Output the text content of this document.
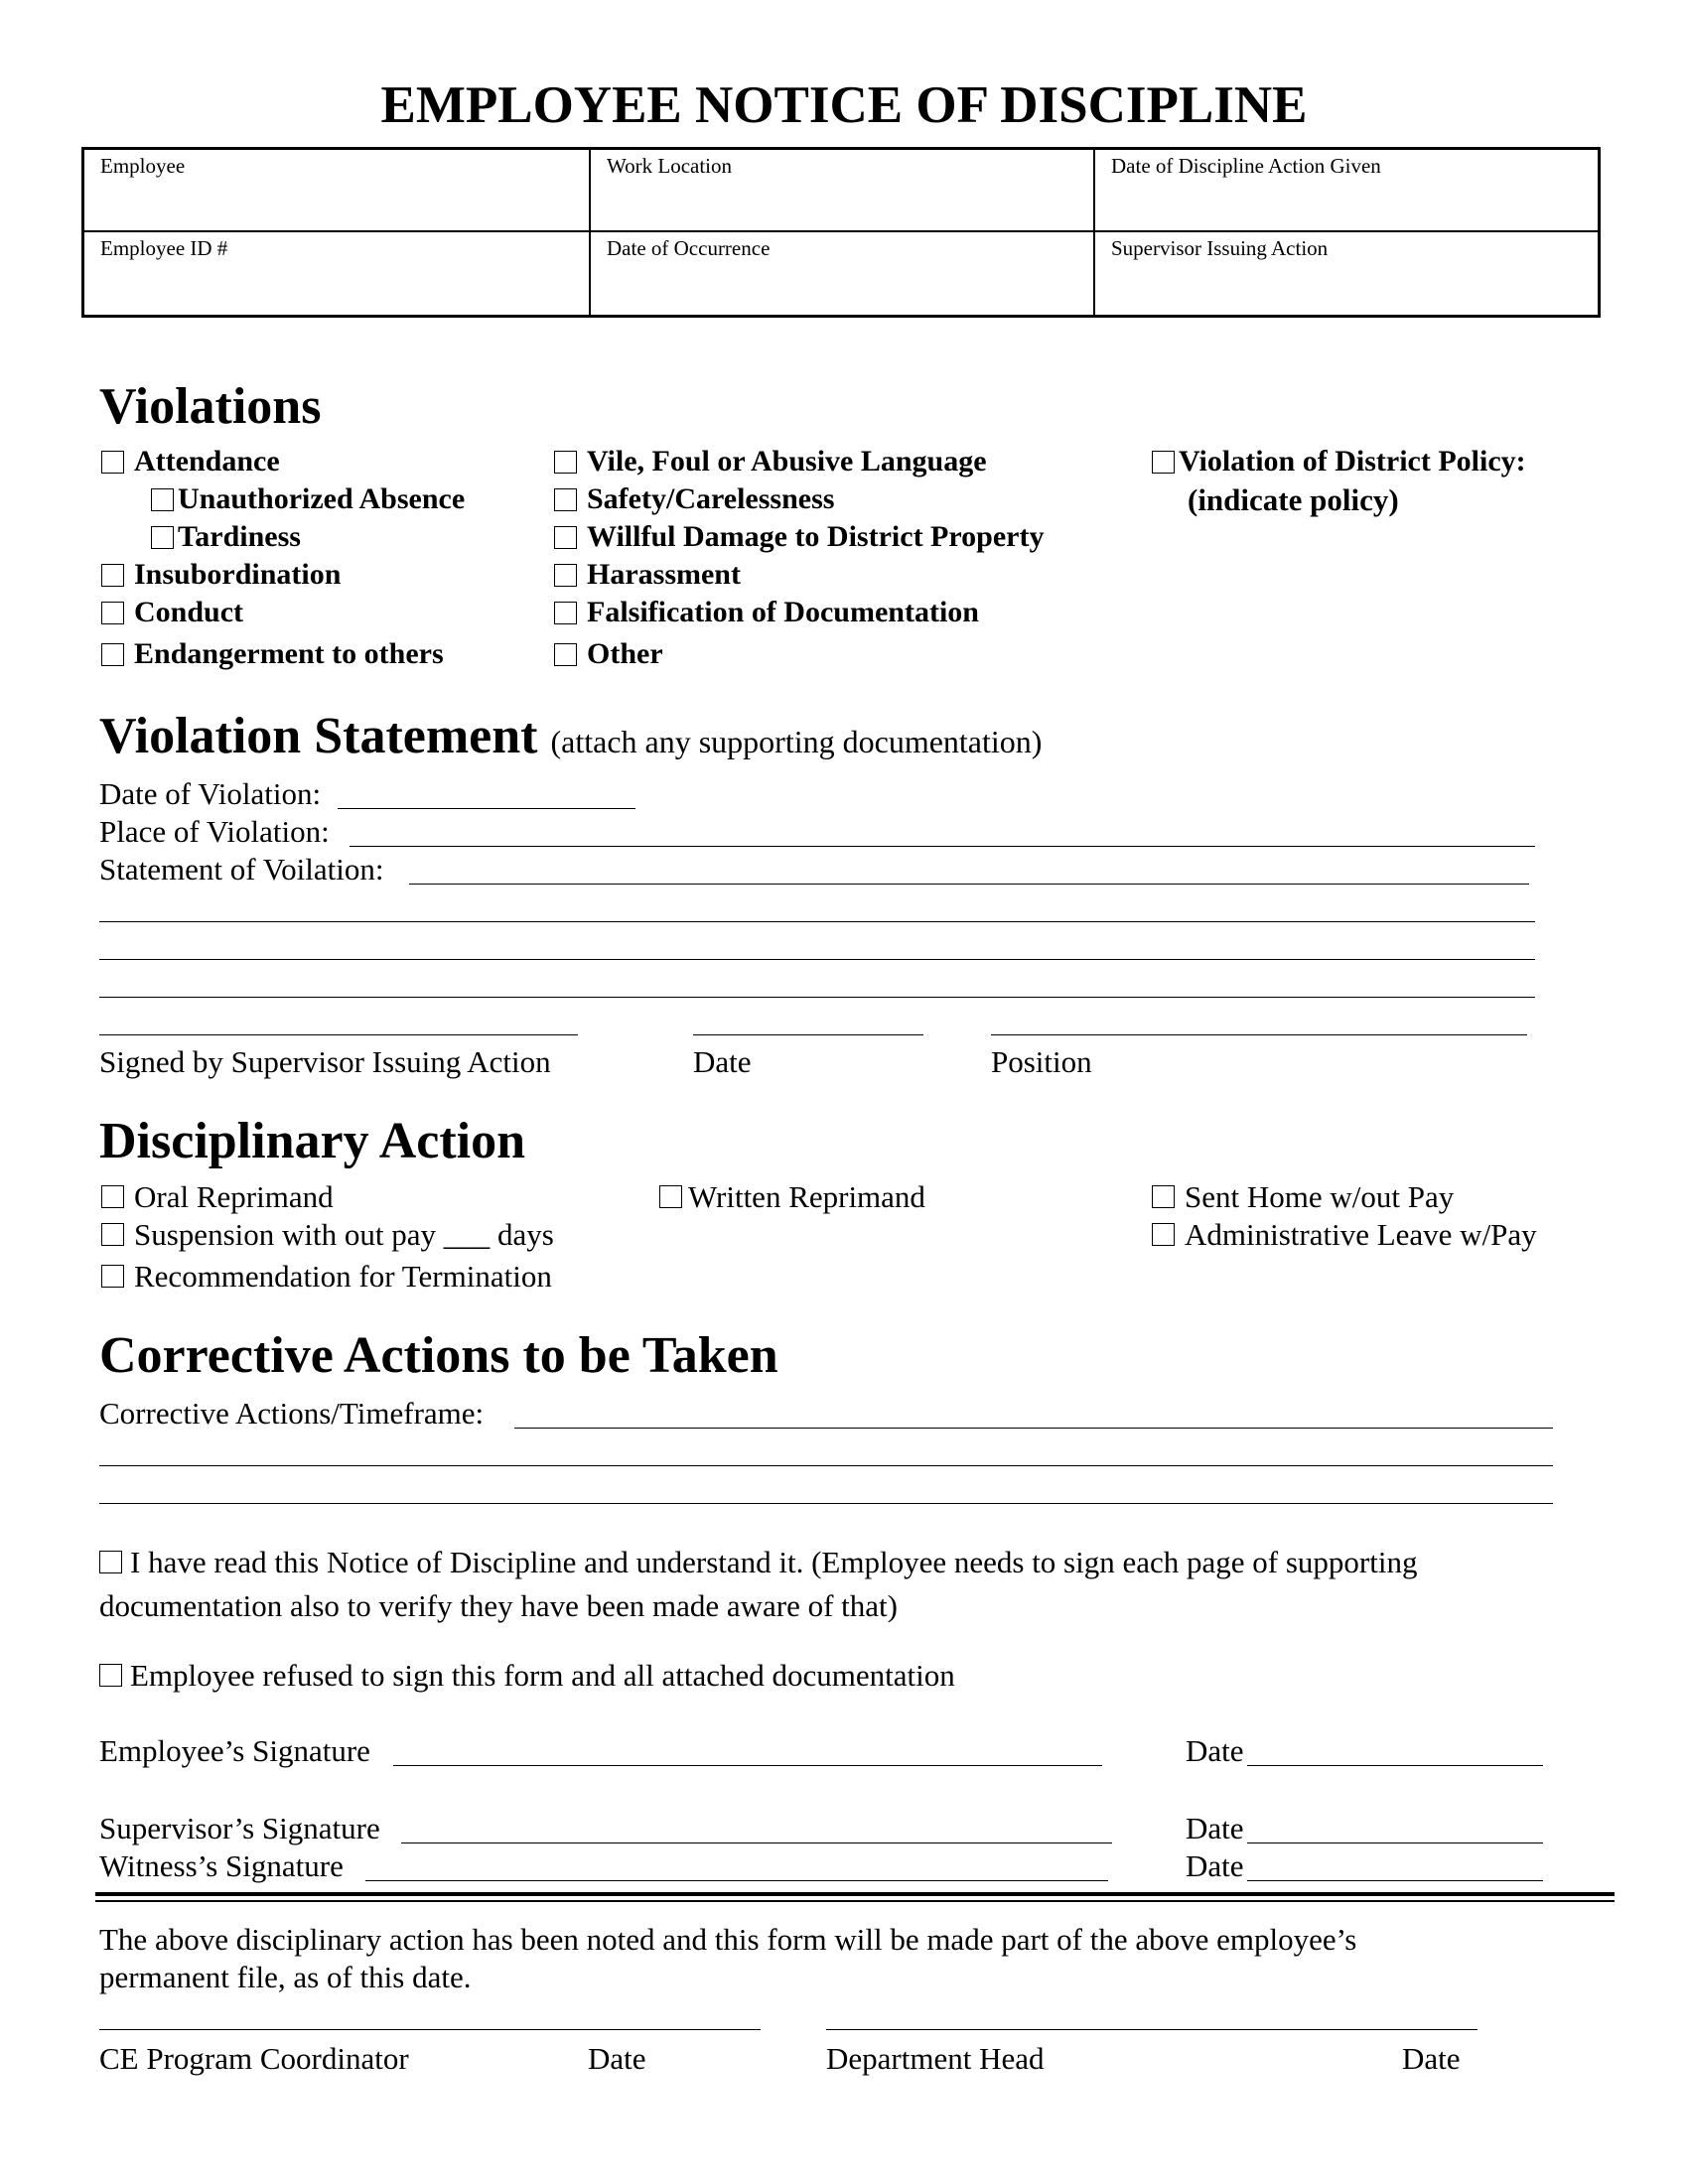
EMPLOYEE NOTICE OF DISCIPLINE
Employee	Work Location	Date of Discipline Action Given
Employee ID #	Date of Occurrence	Supervisor Issuing Action
Violations
Attendance
Unauthorized Absence
Tardiness
Insubordination
Conduct
Endangerment to others
Vile, Foul or Abusive Language
Safety/Carelessness
Willful Damage to District Property
Harassment
Falsification of Documentation
Other
Violation of District Policy:
(indicate policy)
Violation Statement (attach any supporting documentation)
Date of Violation:
Place of Violation:
Statement of Voilation:
Signed by Supervisor Issuing Action	Date	Position
Disciplinary Action
Oral Reprimand
Suspension with out pay ___ days
Recommendation for Termination
Written Reprimand	Sent Home w/out Pay
Administrative Leave w/Pay
Corrective Actions to be Taken
Corrective Actions/Timeframe:
I have read this Notice of Discipline and understand it. (Employee needs to sign each page of supporting
documentation also to verify they have been made aware of that)
Employee refused to sign this form and all attached documentation
Employee’s Signature	Date
Supervisor’s Signature	Date
Witness’s Signature	Date
The above disciplinary action has been noted and this form will be made part of the above employee’s
permanent file, as of this date.
CE Program Coordinator	Date	Department Head	Date
